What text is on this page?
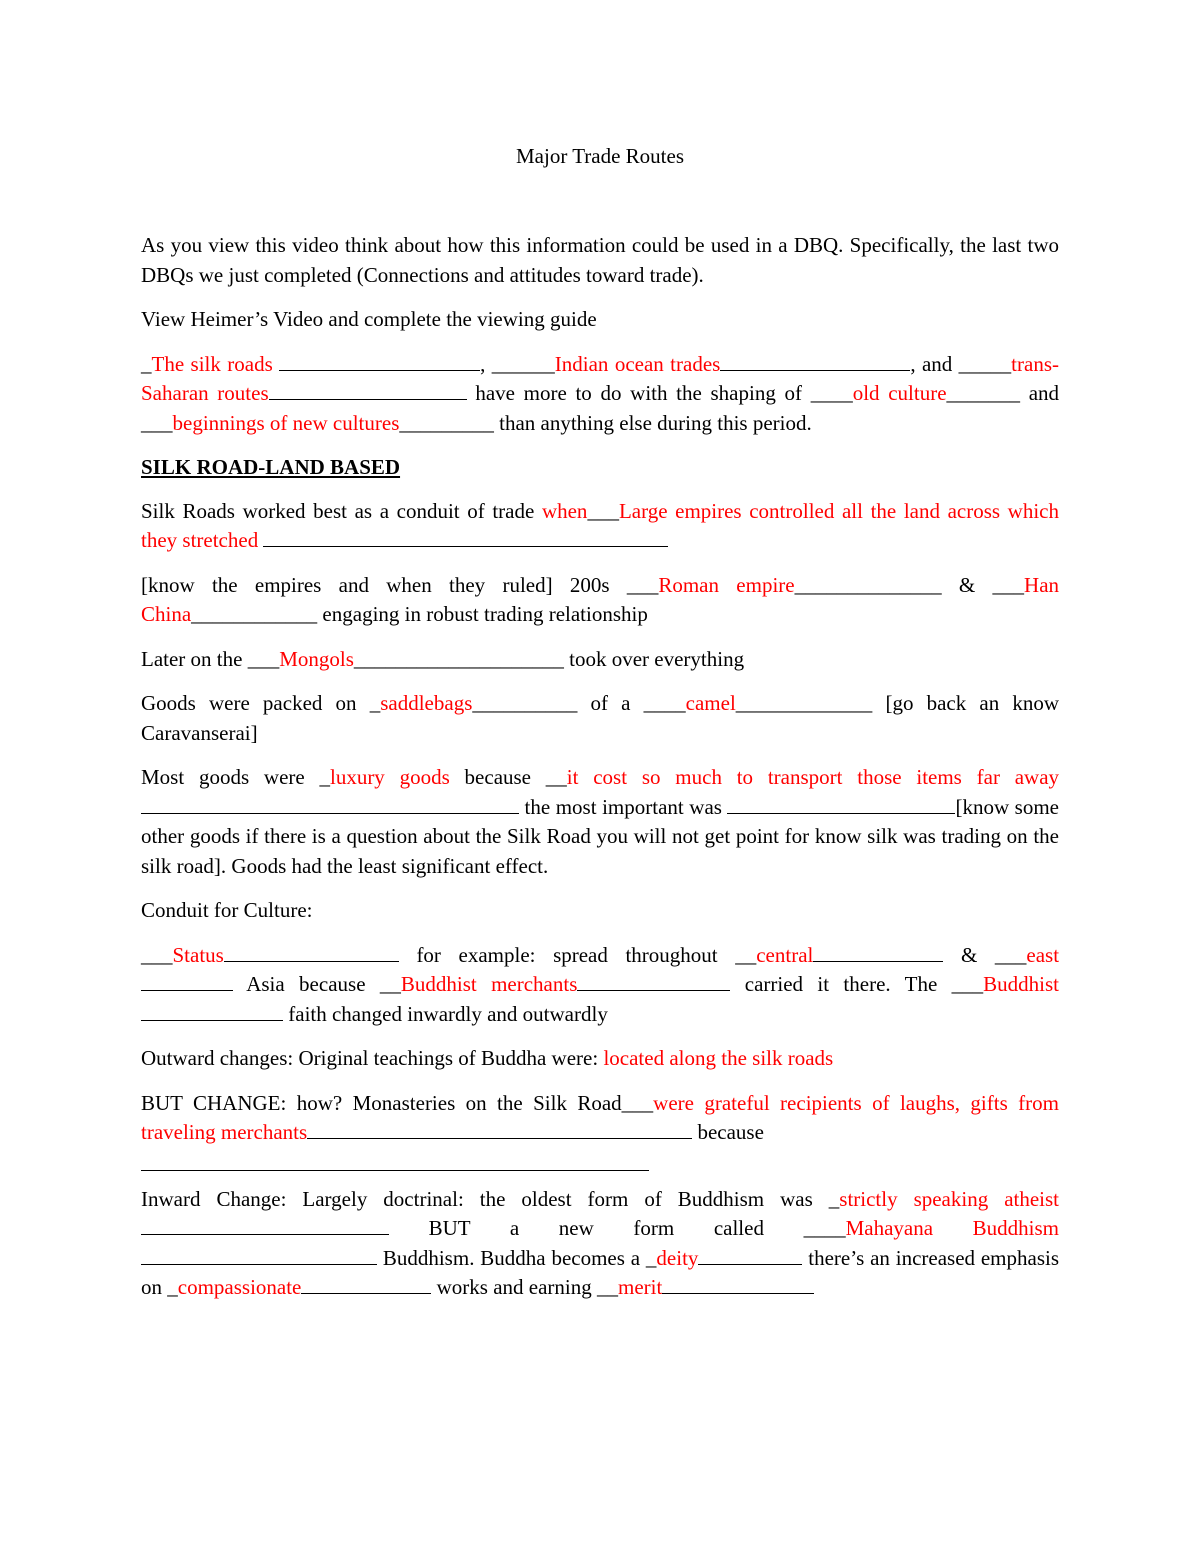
Major Trade Routes

As you view this video think about how this information could be used in a DBQ. Specifically, the last two DBQs we just completed (Connections and attitudes toward trade).

View Heimer’s Video and complete the viewing guide

_The silk roads	, ______Indian ocean trades	, and _____trans- Saharan routes	have more to do with the shaping of ____old culture_______ and ___beginnings of new cultures_________ than anything else during this period.

SILK ROAD-LAND BASED

Silk Roads worked best as a conduit of trade when___Large empires controlled all the land across which they stretched

[know the empires and when they ruled] 200s ___Roman empire______________ & ___Han China____________ engaging in robust trading relationship

Later on the ___Mongols____________________ took over everything

Goods were packed on _saddlebags__________ of a ____camel_____________ [go back an know Caravanserai]

Most goods were _luxury goods because __it cost so much to transport those items far away the most important was	[know some other goods if there is a question about the Silk Road you will not get point for know silk was trading on the silk road]. Goods had the least significant effect.

Conduit for Culture:

___Status	for example: spread throughout __central	& ___east Asia because __Buddhist merchants	carried it there. The ___Buddhist faith changed inwardly and outwardly

Outward changes: Original teachings of Buddha were: located along the silk roads

BUT CHANGE: how? Monasteries on the Silk Road___were grateful recipients of laughs, gifts from traveling merchants	because

Inward Change: Largely doctrinal: the oldest form of Buddhism was _strictly speaking atheist  BUT a new form called ____Mahayana Buddhism  Buddhism. Buddha becomes a _deity	there’s an increased emphasis on _compassionate	works and earning __merit
